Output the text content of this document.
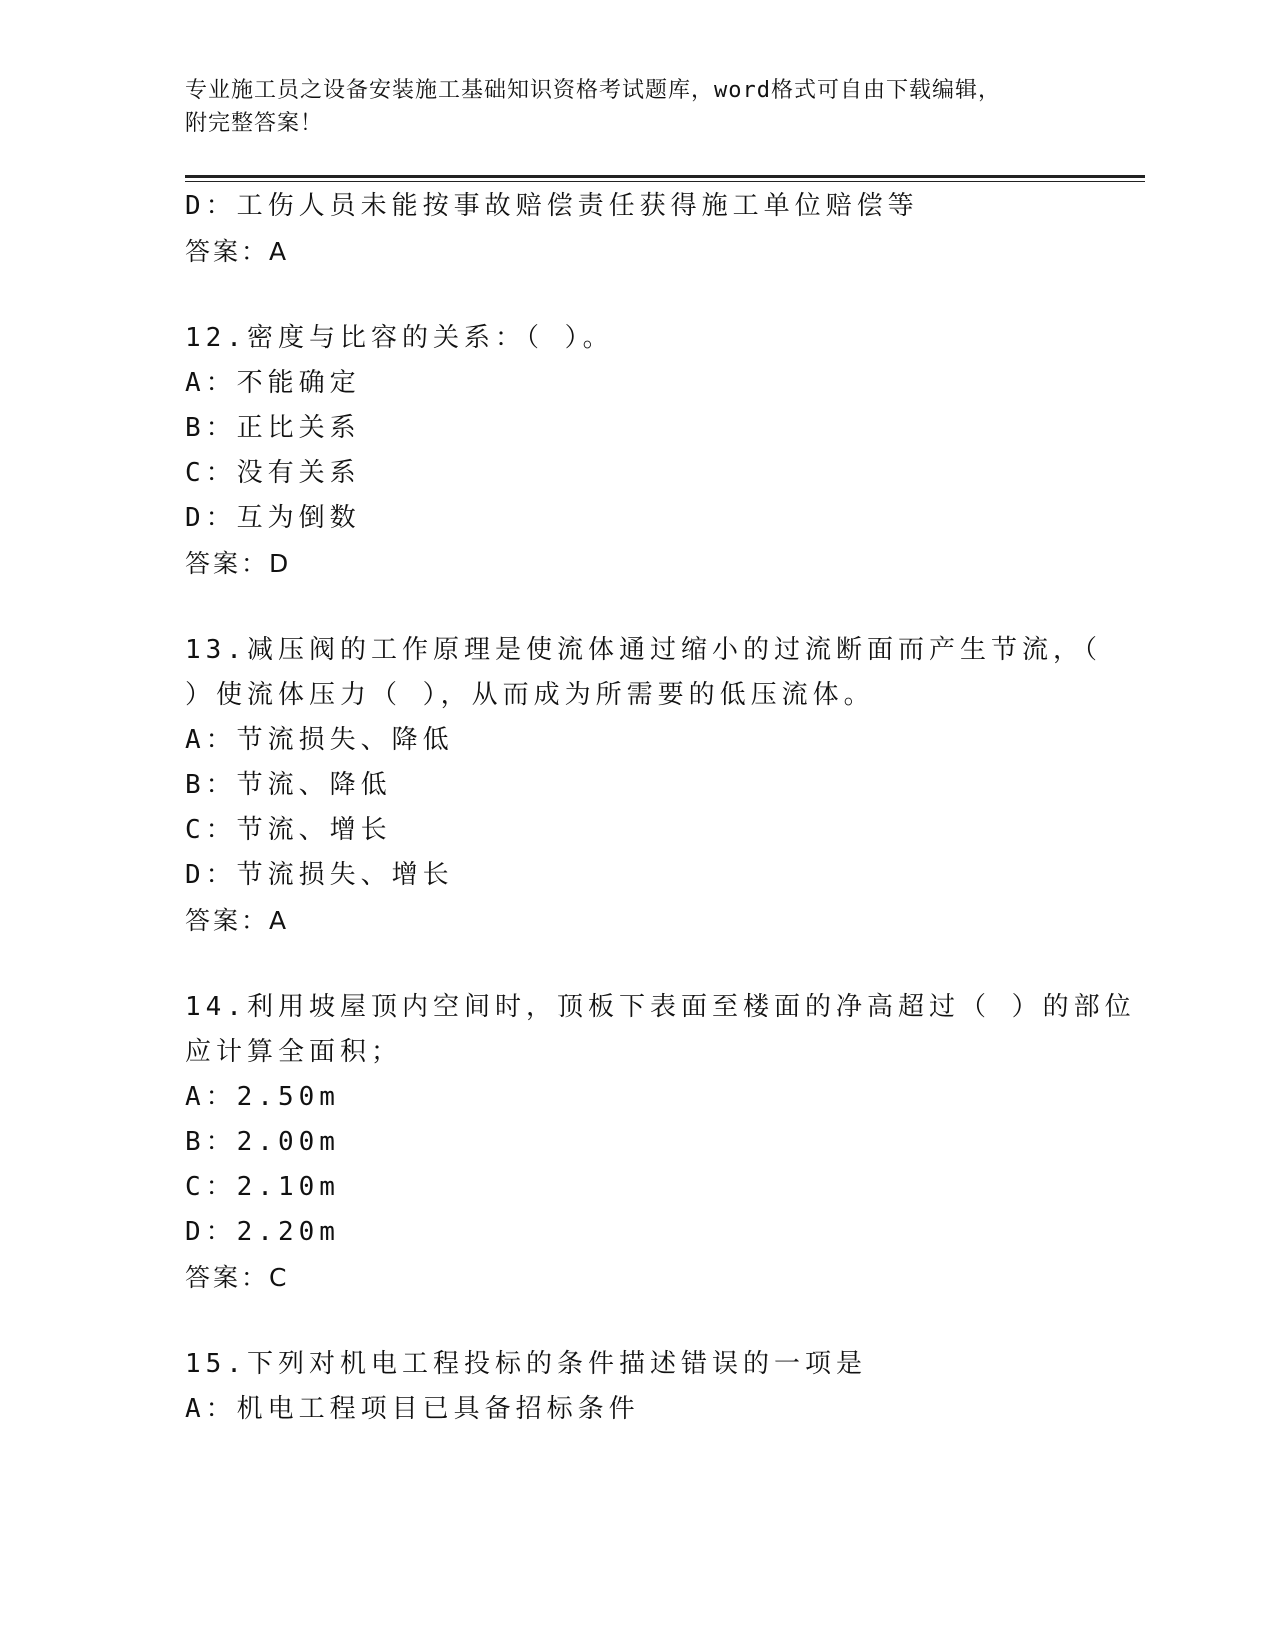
专业施工员之设备安装施工基础知识资格考试题库，word格式可自由下载编辑，
附完整答案！
D：工伤人员未能按事故赔偿责任获得施工单位赔偿等
答案：A
12.密度与比容的关系：（ ）。
A：不能确定
B：正比关系
C：没有关系
D：互为倒数
答案：D
13.减压阀的工作原理是使流体通过缩小的过流断面而产生节流，（
）使流体压力（ ），从而成为所需要的低压流体。
A：节流损失、降低
B：节流、降低
C：节流、增长
D：节流损失、增长
答案：A
14.利用坡屋顶内空间时，顶板下表面至楼面的净高超过（ ）的部位
应计算全面积；
A：2.50m
B：2.00m
C：2.10m
D：2.20m
答案：C
15.下列对机电工程投标的条件描述错误的一项是
A：机电工程项目已具备招标条件
